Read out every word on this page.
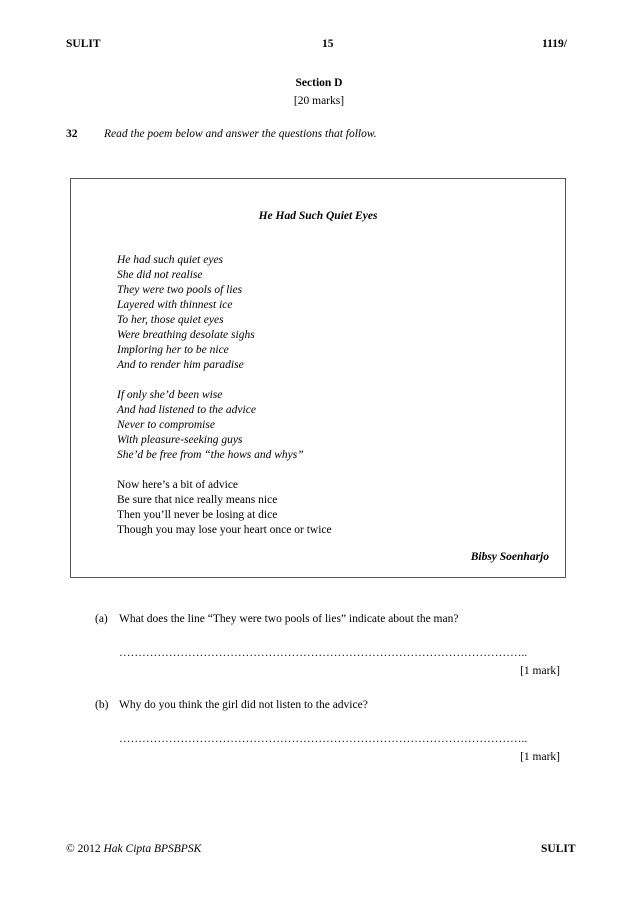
SULIT	15	1119/
Section D
[20 marks]
32 Read the poem below and answer the questions that follow.
He Had Such Quiet Eyes
He had such quiet eyes
She did not realise
They were two pools of lies
Layered with thinnest ice
To her, those quiet eyes
Were breathing desolate sighs
Imploring her to be nice
And to render him paradise
If only she’d been wise
And had listened to the advice
Never to compromise
With pleasure-seeking guys
She’d be free from “the hows and whys”
Now here’s a bit of advice
Be sure that nice really means nice
Then you’ll never be losing at dice
Though you may lose your heart once or twice
Bibsy Soenharjo
(a) What does the line “They were two pools of lies” indicate about the man?
……………………………………………………………………………………………..
[1 mark]
(b) Why do you think the girl did not listen to the advice?
……………………………………………………………………………………………..
[1 mark]
© 2012 Hak Cipta BPSBPSK	SULIT
